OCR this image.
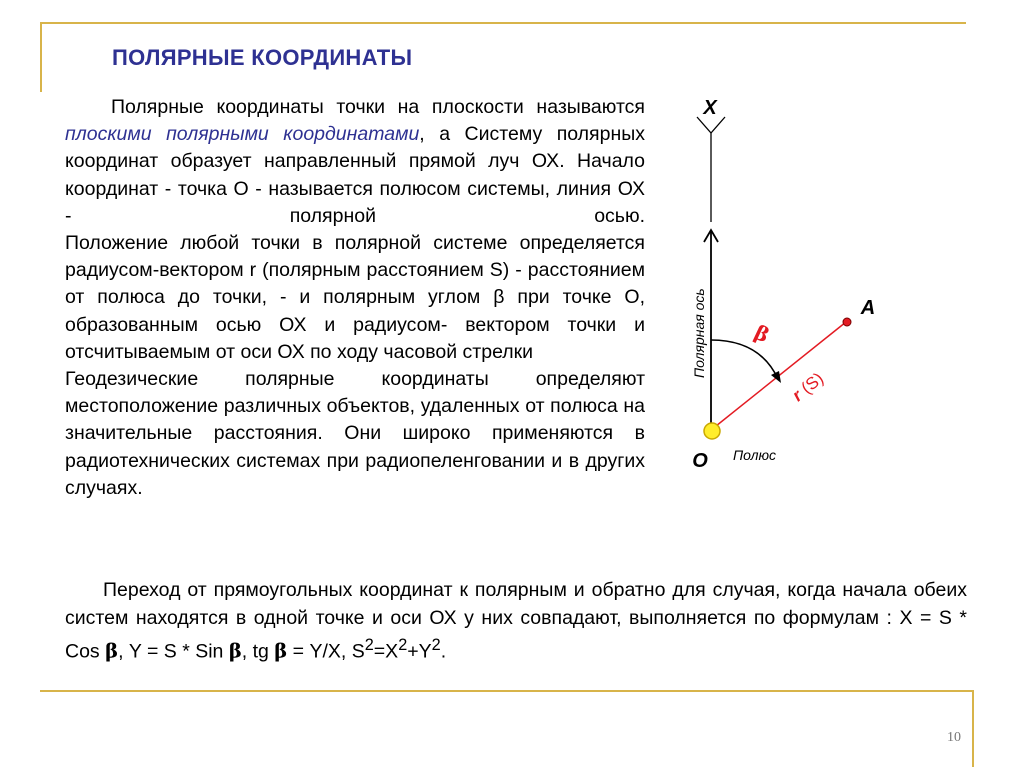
ПОЛЯРНЫЕ КООРДИНАТЫ

Полярные координаты точки на плоскости называются плоскими полярными координатами, а Систему полярных координат образует направленный прямой луч ОХ. Начало координат - точка О - называется полюсом системы, линия ОХ - полярной осью.

Положение любой точки в полярной системе определяется радиусом-вектором r (полярным расстоянием S) - расстоянием от полюса до точки, - и полярным углом β при точке О, образованным осью ОХ и радиусом- вектором точки и отсчитываемым от оси ОХ по ходу часовой стрелки

Геодезические полярные координаты определяют местоположение различных объектов, удаленных от полюса на значительные расстояния. Они широко применяются в радиотехнических системах при радиопеленговании и в других случаях.

X
Полярная ось	A
β
r(S)
O Полюс

Переход от прямоугольных координат к полярным и обратно для случая, когда начала обеих систем находятся в одной точке и оси ОХ у них совпадают, выполняется по формулам : X = S * Cos β, Y = S * Sin β, tg β = Y/X, $S^2=X^2+Y^2$.

10
